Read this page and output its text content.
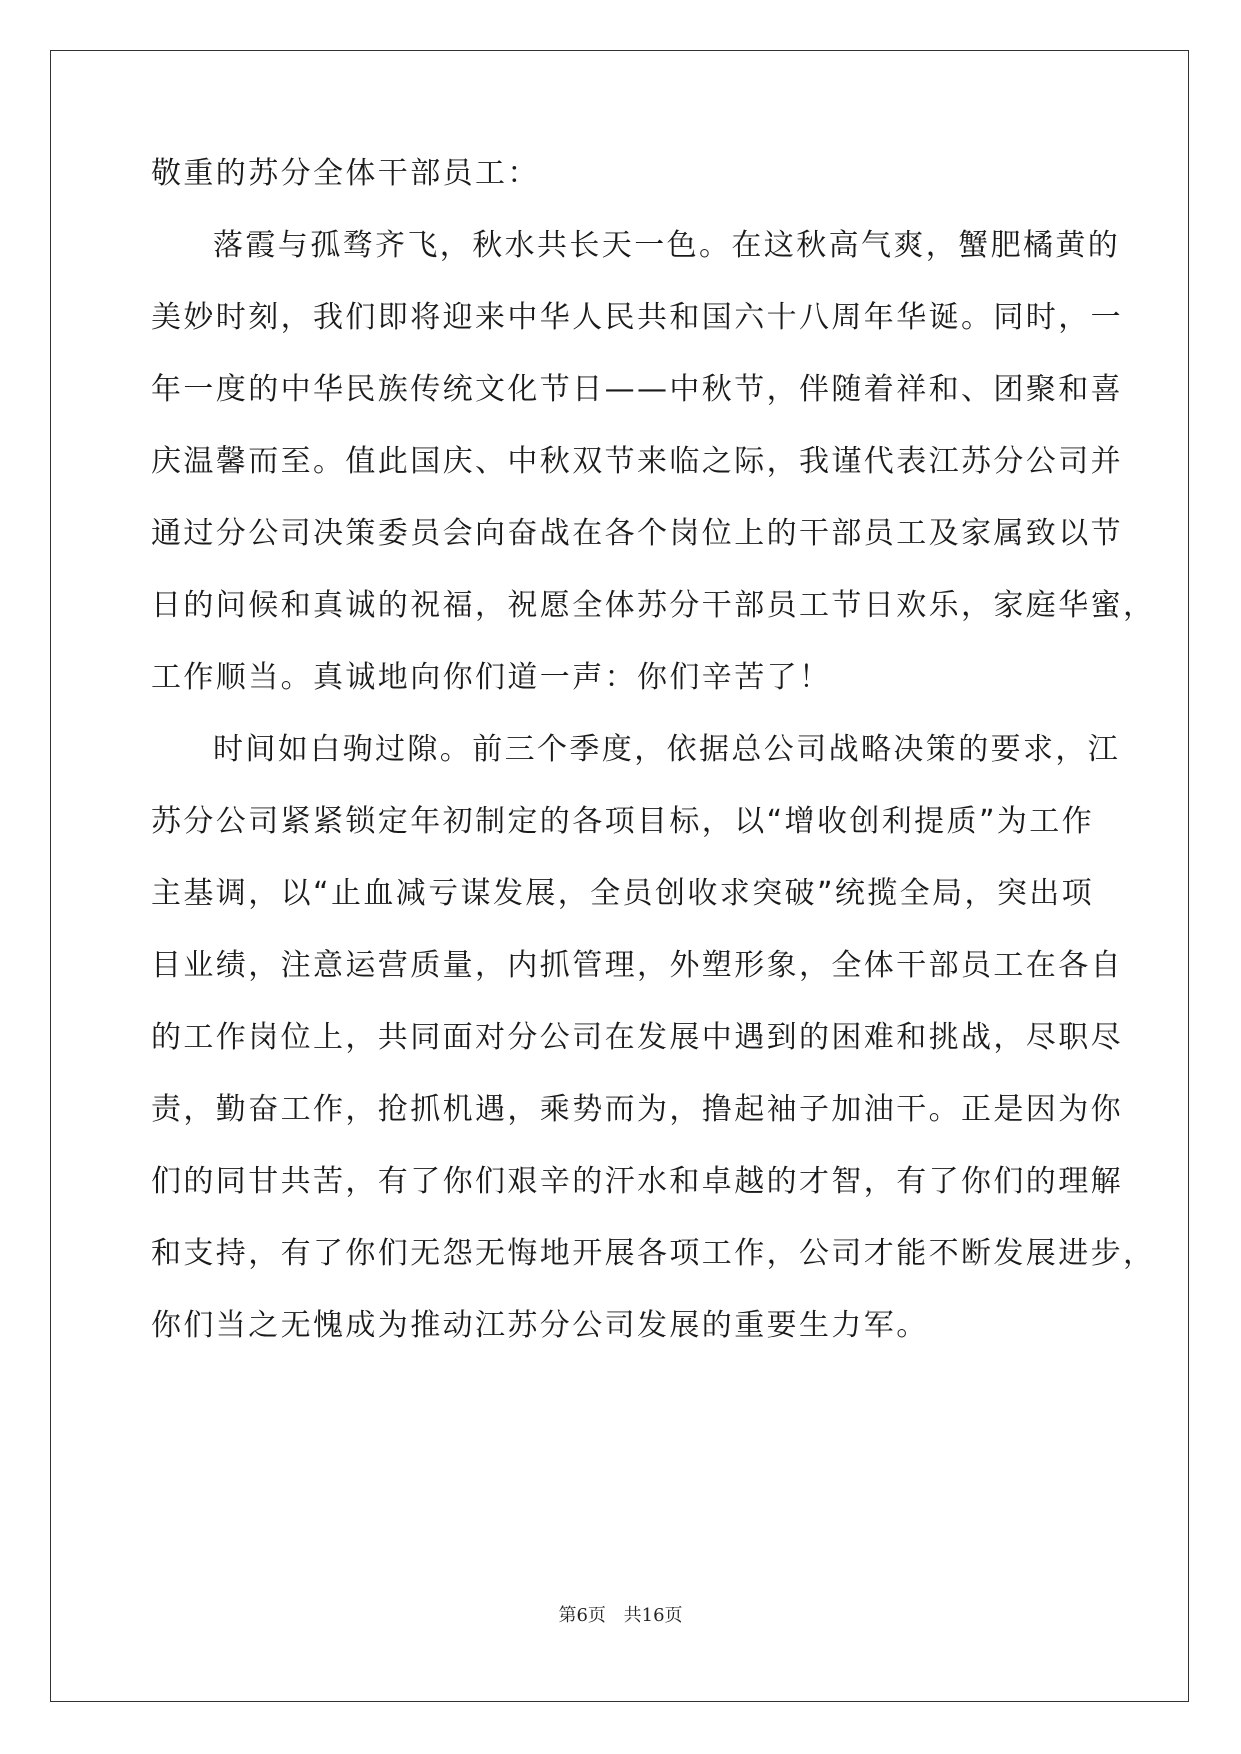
敬重的苏分全体干部员工：
落霞与孤骛齐飞，秋水共长天一色。在这秋高气爽，蟹肥橘黄的
美妙时刻，我们即将迎来中华人民共和国六十八周年华诞。同时，一
年一度的中华民族传统文化节日——中秋节，伴随着祥和、团聚和喜
庆温馨而至。值此国庆、中秋双节来临之际，我谨代表江苏分公司并
通过分公司决策委员会向奋战在各个岗位上的干部员工及家属致以节
日的问候和真诚的祝福，祝愿全体苏分干部员工节日欢乐，家庭华蜜，
工作顺当。真诚地向你们道一声：你们辛苦了！
时间如白驹过隙。前三个季度，依据总公司战略决策的要求，江
苏分公司紧紧锁定年初制定的各项目标，以“增收创利提质”为工作
主基调，以“止血减亏谋发展，全员创收求突破”统揽全局，突出项
目业绩，注意运营质量，内抓管理，外塑形象，全体干部员工在各自
的工作岗位上，共同面对分公司在发展中遇到的困难和挑战，尽职尽
责，勤奋工作，抢抓机遇，乘势而为，撸起袖子加油干。正是因为你
们的同甘共苦，有了你们艰辛的汗水和卓越的才智，有了你们的理解
和支持，有了你们无怨无悔地开展各项工作，公司才能不断发展进步，
你们当之无愧成为推动江苏分公司发展的重要生力军。
第6页 共16页
